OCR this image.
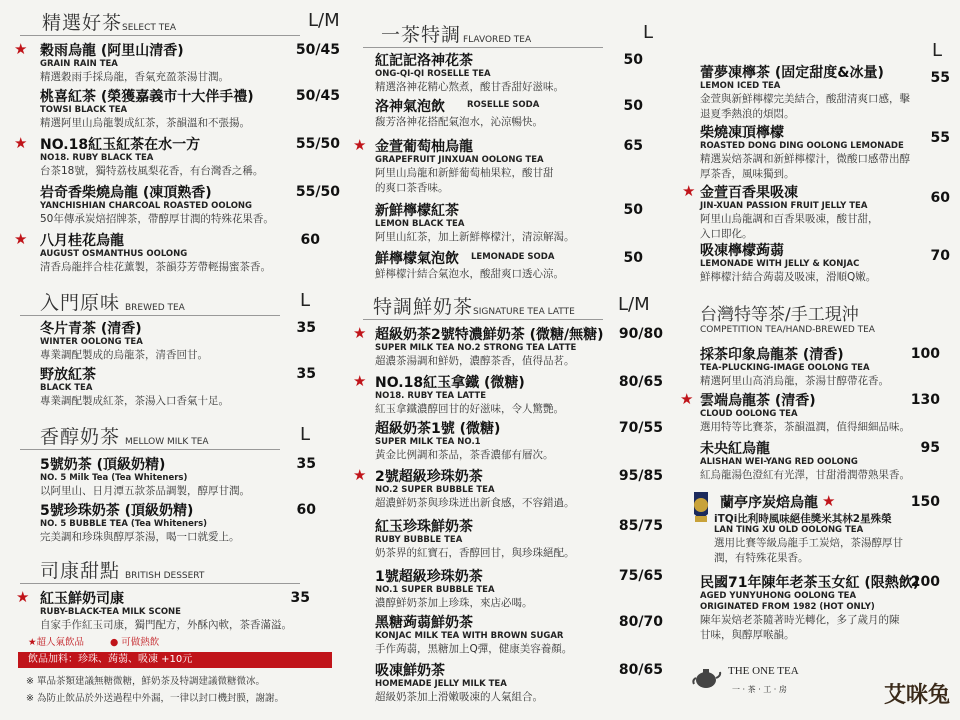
精選好茶 SELECT TEA	L/M
★ 穀雨烏龍 (阿里山清香)
GRAIN RAIN TEA
精選穀雨手採烏龍，香氣充盈茶湯甘潤。
50/45
桃喜紅茶 (榮獲嘉義市十大伴手禮)
TOWSI BLACK TEA
精選阿里山烏龍製成紅茶，茶韻溫和不張揚。
50/45
★ NO.18紅玉紅茶在水一方
NO18. RUBY BLACK TEA
台茶18號，獨特荔枝風梨花香，有台灣香之稱。
55/50
岩奇香柴燒烏龍 (凍頂熟香)
YANCHISHIAN CHARCOAL ROASTED OOLONG
50年傳承炭焙招牌茶，帶醇厚甘潤的特殊花果香。
55/50
★ 八月桂花烏龍
AUGUST OSMANTHUS OOLONG
清香烏龍拌合桂花薰製，茶韻芬芳帶輕揚蜜茶香。
60
入門原味 BREWED TEA	L
冬片青茶 (清香)
WINTER OOLONG TEA
專業調配製成的烏龍茶，清香回甘。
35
野放紅茶
BLACK TEA
專業調配製成紅茶，茶湯入口香氣十足。
35
香醇奶茶 MELLOW MILK TEA	L
5號奶茶 (頂級奶精)
NO. 5 Milk Tea (Tea Whiteners)
以阿里山、日月潭五款茶品調製，醇厚甘潤。
35
5號珍珠奶茶 (頂級奶精)
NO. 5 BUBBLE TEA (Tea Whiteners)
完美調和珍珠與醇厚茶湯，喝一口就愛上。
60
司康甜點 BRITISH DESSERT
★ 紅玉鮮奶司康
RUBY-BLACK-TEA MILK SCONE
自家手作紅玉司康，獨門配方，外酥內軟，茶香滿溢。
35
★超人氣飲品	● 可做熱飲
飲品加料：珍珠、蒟蒻、吸凍 +10元
※ 單品茶類建議無糖微糖，鮮奶茶及特調建議微糖微冰。
※ 為防止飲品於外送過程中外漏，一律以封口機封膜，謝謝。
一茶特調 FLAVORED TEA	L
紅記記洛神花茶
ONG-QI-QI ROSELLE TEA
精選洛神花精心熬煮，酸甘香甜好滋味。
50
洛神氣泡飲	ROSELLE SODA
馥芳洛神花搭配氣泡水，沁涼暢快。
50
★ 金萱葡萄柚烏龍
GRAPEFRUIT JINXUAN OOLONG TEA
阿里山烏龍和新鮮葡萄柚果粒，酸甘甜的爽口茶香味。
65
新鮮檸檬紅茶
LEMON BLACK TEA
阿里山紅茶，加上新鮮檸檬汁，清涼解渴。
50
鮮檸檬氣泡飲 LEMONADE SODA
鮮檸檬汁結合氣泡水，酸甜爽口透心涼。
50
特調鮮奶茶 SIGNATURE TEA LATTE L/M
★ 超級奶茶2號特濃鮮奶茶 (微糖/無糖)
SUPER MILK TEA NO.2 STRONG TEA LATTE
超濃茶湯調和鮮奶，濃醇茶香，值得品茗。
90/80
★ NO.18紅玉拿鐵 (微糖)
NO18. RUBY TEA LATTE
紅玉拿鐵濃醇回甘的好滋味，令人驚艷。
80/65
超級奶茶1號 (微糖)
SUPER MILK TEA NO.1
黃金比例調和茶品，茶香濃郁有層次。
70/55
★ 2號超級珍珠奶茶
NO.2 SUPER BUBBLE TEA
超濃鮮奶茶與珍珠迸出新食感，不容錯過。
95/85
紅玉珍珠鮮奶茶
RUBY BUBBLE TEA
奶茶界的紅寶石，香醇回甘，與珍珠絕配。
85/75
1號超級珍珠奶茶
NO.1 SUPER BUBBLE TEA
濃醇鮮奶茶加上珍珠，來店必喝。
75/65
黑糖蒟蒻鮮奶茶
KONJAC MILK TEA WITH BROWN SUGAR
手作蒟蒻，黑糖加上Q彈，健康美容養顏。
80/70
吸凍鮮奶茶
HOMEMADE JELLY MILK TEA
超級奶茶加上滑嫩吸凍的人氣組合。
80/65
L
蕾夢凍檸茶 (固定甜度&冰量)
LEMON ICED TEA
金萱與新鮮檸檬完美結合，酸甜清爽口感，擊退夏季熱浪的煩悶。
55
柴燒凍頂檸檬
ROASTED DONG DING OOLONG LEMONADE
精選炭焙茶調和新鮮檸檬汁，微酸口感帶出醇厚茶香，風味獨到。
55
★ 金萱百香果吸凍
JIN-XUAN PASSION FRUIT JELLY TEA
阿里山烏龍調和百香果吸凍，酸甘甜，入口即化。
60
吸凍檸檬蒟蒻
LEMONADE WITH JELLY & KONJAC
鮮檸檬汁結合蒟蒻及吸凍，滑順Q嫩。
70
台灣特等茶/手工現沖
COMPETITION TEA/HAND-BREWED TEA
採茶印象烏龍茶 (清香)
TEA-PLUCKING-IMAGE OOLONG TEA
精選阿里山高消烏龍，茶湯甘醇帶花香。
100
★ 雲端烏龍茶 (清香)
CLOUD OOLONG TEA
選用特等比賽茶，茶韻溫潤，值得細細品味。
130
未央紅烏龍
ALISHAN WEI-YANG RED OOLONG
紅烏龍湯色澄紅有光澤，甘甜滑潤帶熟果香。
95
蘭亭序炭焙烏龍 ★	150
iTQi比利時風味絕佳獎米其林2星殊榮
LAN TING XU OLD OOLONG TEA
選用比賽等級烏龍手工炭焙，茶湯醇厚甘潤，有特殊花果香。
民國71年陳年老茶玉女紅 (限熱飲)
AGED YUNYUHONG OOLONG TEA
ORIGINATED FROM 1982 (HOT ONLY)
陳年炭焙老茶隨著時光轉化，多了歲月的陳甘味，與醇厚喉韻。
200
THE ONE TEA
一 · 茶 · 工 · 房	艾咪兔
